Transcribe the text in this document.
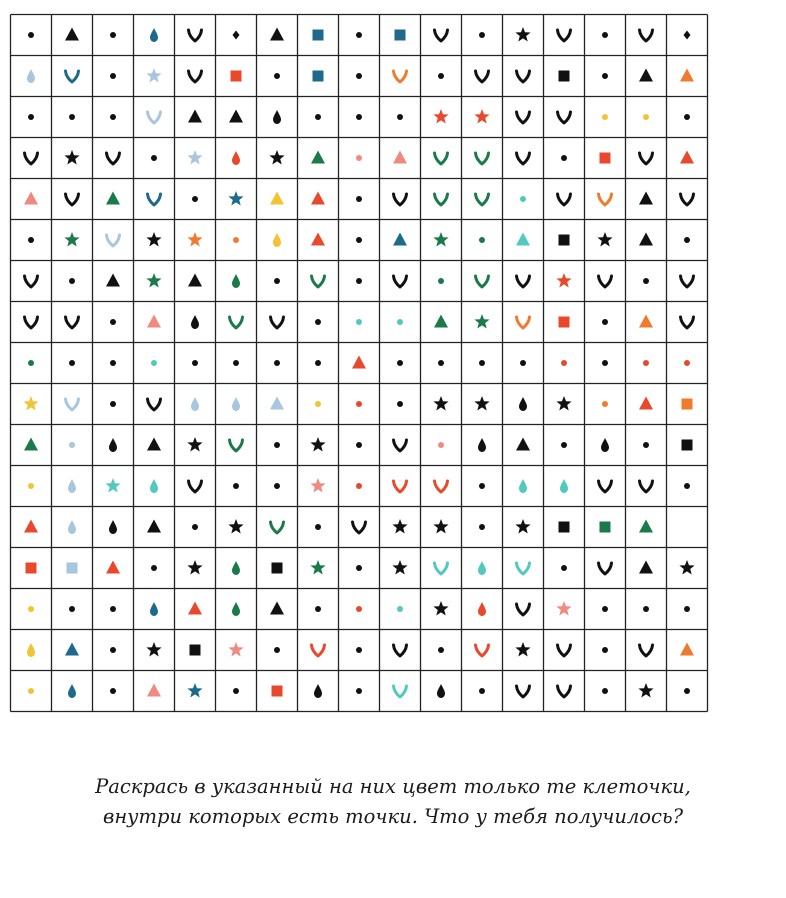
Раскрась в указанный на них цвет только те клеточки,
внутри которых есть точки. Что у тебя получилось?
